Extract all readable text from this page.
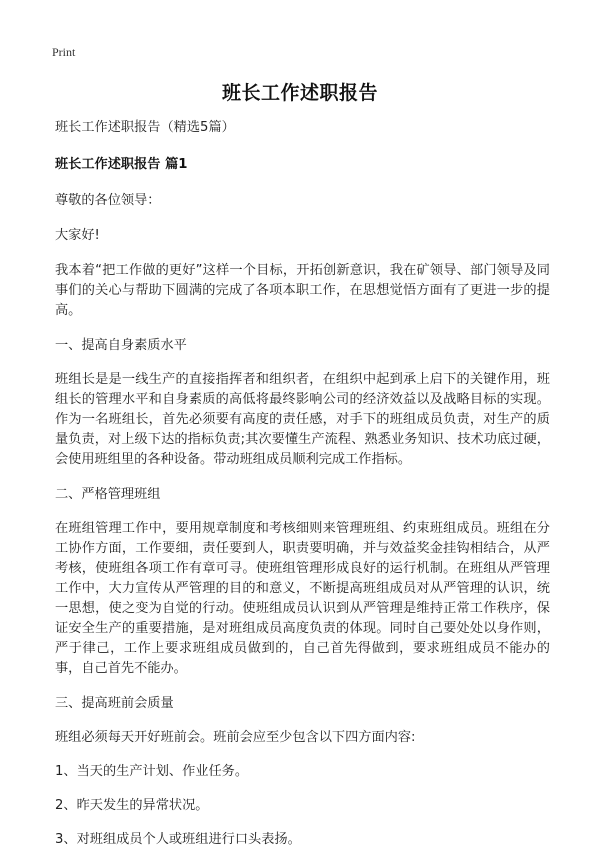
Print
班长工作述职报告

班长工作述职报告（精选5篇）

班长工作述职报告 篇1

尊敬的各位领导：

大家好!

我本着“把工作做的更好”这样一个目标，开拓创新意识，我在矿领导、部门领导及同事们的关心与帮助下圆满的完成了各项本职工作，在思想觉悟方面有了更进一步的提高。

一、提高自身素质水平

班组长是是一线生产的直接指挥者和组织者，在组织中起到承上启下的关键作用，班组长的管理水平和自身素质的高低将最终影响公司的经济效益以及战略目标的实现。作为一名班组长，首先必须要有高度的责任感，对手下的班组成员负责，对生产的质量负责，对上级下达的指标负责;其次要懂生产流程、熟悉业务知识、技术功底过硬，会使用班组里的各种设备。带动班组成员顺利完成工作指标。

二、严格管理班组

在班组管理工作中，要用规章制度和考核细则来管理班组、约束班组成员。班组在分工协作方面，工作要细，责任要到人，职责要明确，并与效益奖金挂钩相结合，从严考核，使班组各项工作有章可寻。使班组管理形成良好的运行机制。在班组从严管理工作中，大力宣传从严管理的目的和意义，不断提高班组成员对从严管理的认识，统一思想，使之变为自觉的行动。使班组成员认识到从严管理是维持正常工作秩序，保证安全生产的重要措施，是对班组成员高度负责的体现。同时自己要处处以身作则，严于律己，工作上要求班组成员做到的，自己首先得做到，要求班组成员不能办的事，自己首先不能办。

三、提高班前会质量

班组必须每天开好班前会。班前会应至少包含以下四方面内容:

1、当天的生产计划、作业任务。

2、昨天发生的异常状况。

3、对班组成员个人或班组进行口头表扬。
